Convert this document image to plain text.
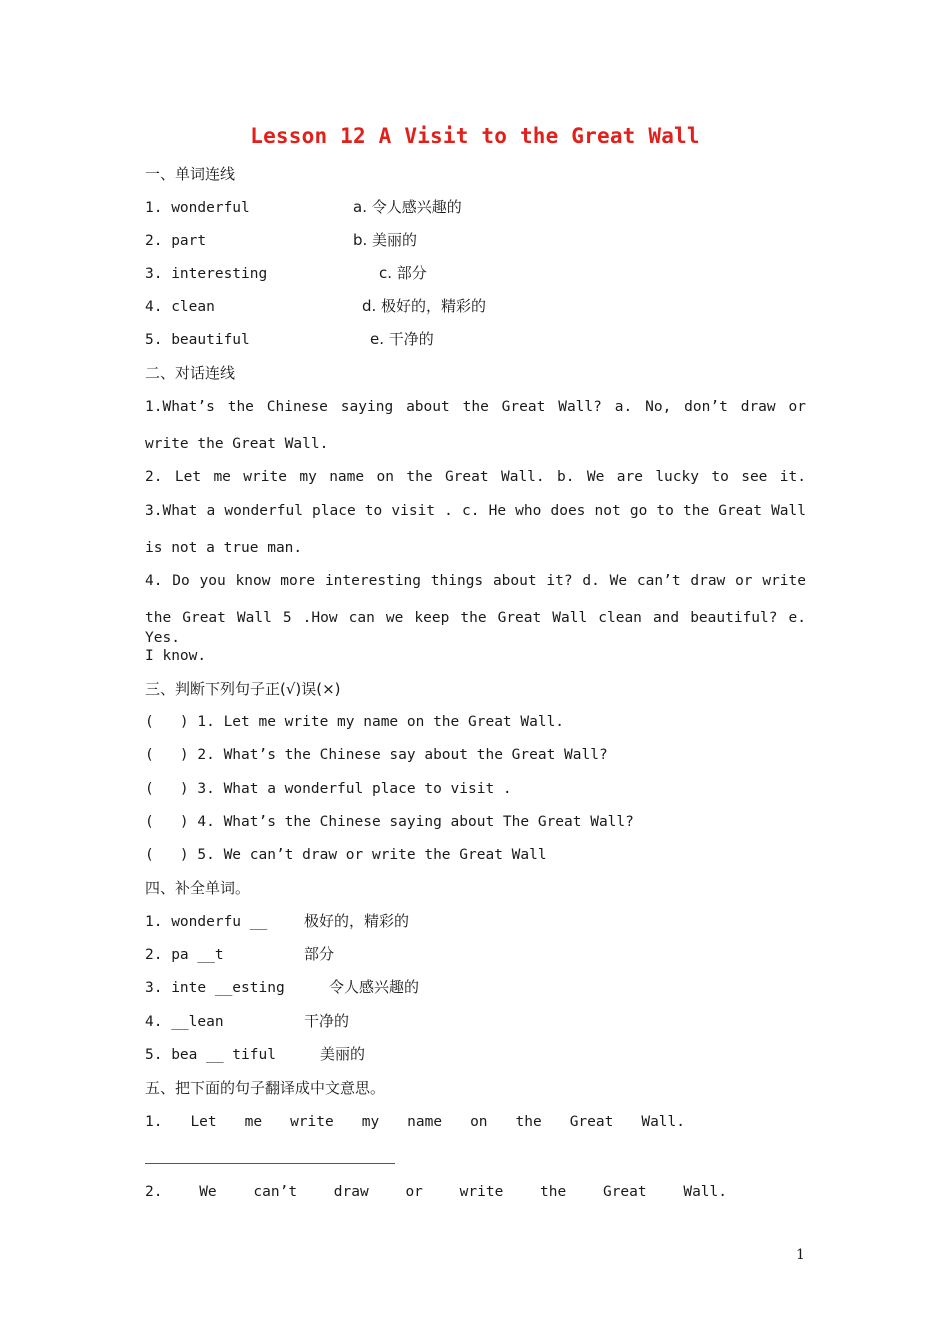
Lesson 12 A Visit to the Great Wall
一、单词连线
1. wonderful
2. part
3. interesting
4. clean
5. beautiful
a. 令人感兴趣的
b. 美丽的
c. 部分
d. 极好的，精彩的
e. 干净的
二、对话连线
1.What’s the Chinese saying about the Great Wall? a. No, don’t draw or
write the Great Wall.
2. Let me write my name on the Great Wall. b. We are lucky to see it.
3.What a wonderful place to visit . c. He who does not go to the Great Wall
is not a true man.
4. Do you know more interesting things about it? d. We can’t draw or write
the Great Wall 5 .How can we keep the Great Wall clean and beautiful? e. Yes.
I know.
三、判断下列句子正(√)误(×)
(   ) 1. Let me write my name on the Great Wall.
(   ) 2. What’s the Chinese say about the Great Wall?
(   ) 3. What a wonderful place to visit .
(   ) 4. What’s the Chinese saying about The Great Wall?
(   ) 5. We can’t draw or write the Great Wall
四、补全单词。
1. wonderfu __
2. pa __t
3. inte __esting
4. __lean
5. bea __ tiful
极好的，精彩的
部分
令人感兴趣的
干净的
美丽的
五、把下面的句子翻译成中文意思。
1. Let me write my name on the Great Wall.
2. We can’t draw or write the Great Wall.
1
